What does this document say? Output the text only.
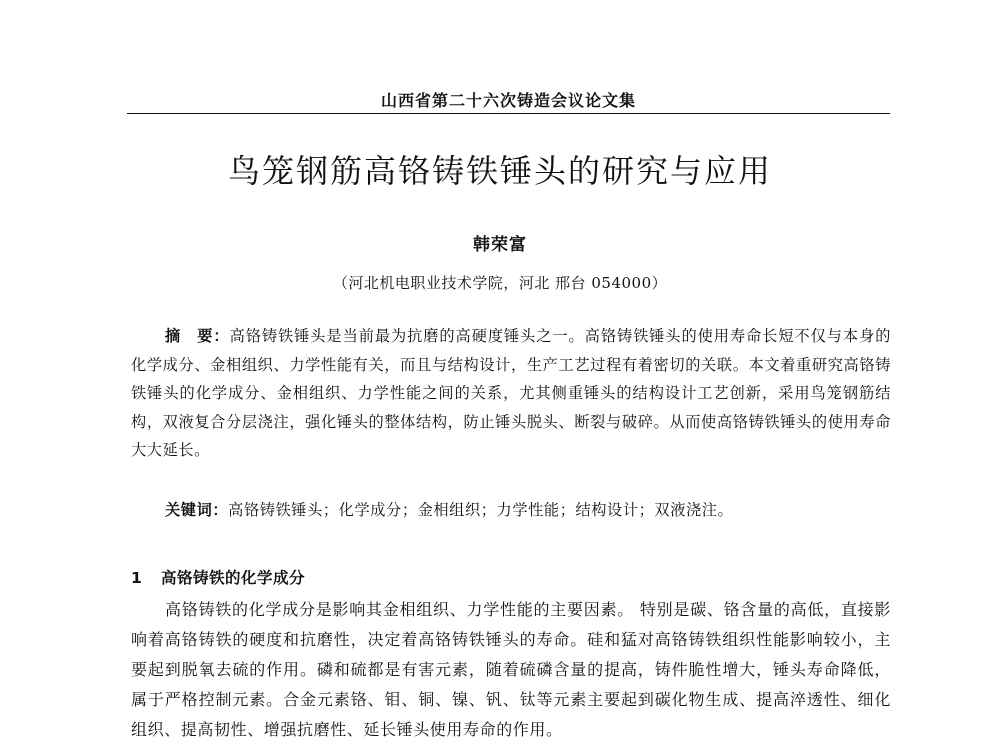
山西省第二十六次铸造会议论文集
鸟笼钢筋高铬铸铁锤头的研究与应用
韩荣富
（河北机电职业技术学院，河北 邢台 054000）
摘　要：高铬铸铁锤头是当前最为抗磨的高硬度锤头之一。高铬铸铁锤头的使用寿命长短不仅与本身的化学成分、金相组织、力学性能有关，而且与结构设计，生产工艺过程有着密切的关联。本文着重研究高铬铸铁锤头的化学成分、金相组织、力学性能之间的关系，尤其侧重锤头的结构设计工艺创新，采用鸟笼钢筋结构，双液复合分层浇注，强化锤头的整体结构，防止锤头脱头、断裂与破碎。从而使高铬铸铁锤头的使用寿命大大延长。
关键词：高铬铸铁锤头；化学成分；金相组织；力学性能；结构设计；双液浇注。
1 高铬铸铁的化学成分
高铬铸铁的化学成分是影响其金相组织、力学性能的主要因素。 特别是碳、铬含量的高低，直接影响着高铬铸铁的硬度和抗磨性，决定着高铬铸铁锤头的寿命。硅和猛对高铬铸铁组织性能影响较小，主要起到脱氧去硫的作用。磷和硫都是有害元素，随着硫磷含量的提高，铸件脆性增大，锤头寿命降低，属于严格控制元素。合金元素铬、钼、铜、镍、钒、钛等元素主要起到碳化物生成、提高淬透性、细化组织、提高韧性、增强抗磨性、延长锤头使用寿命的作用。
